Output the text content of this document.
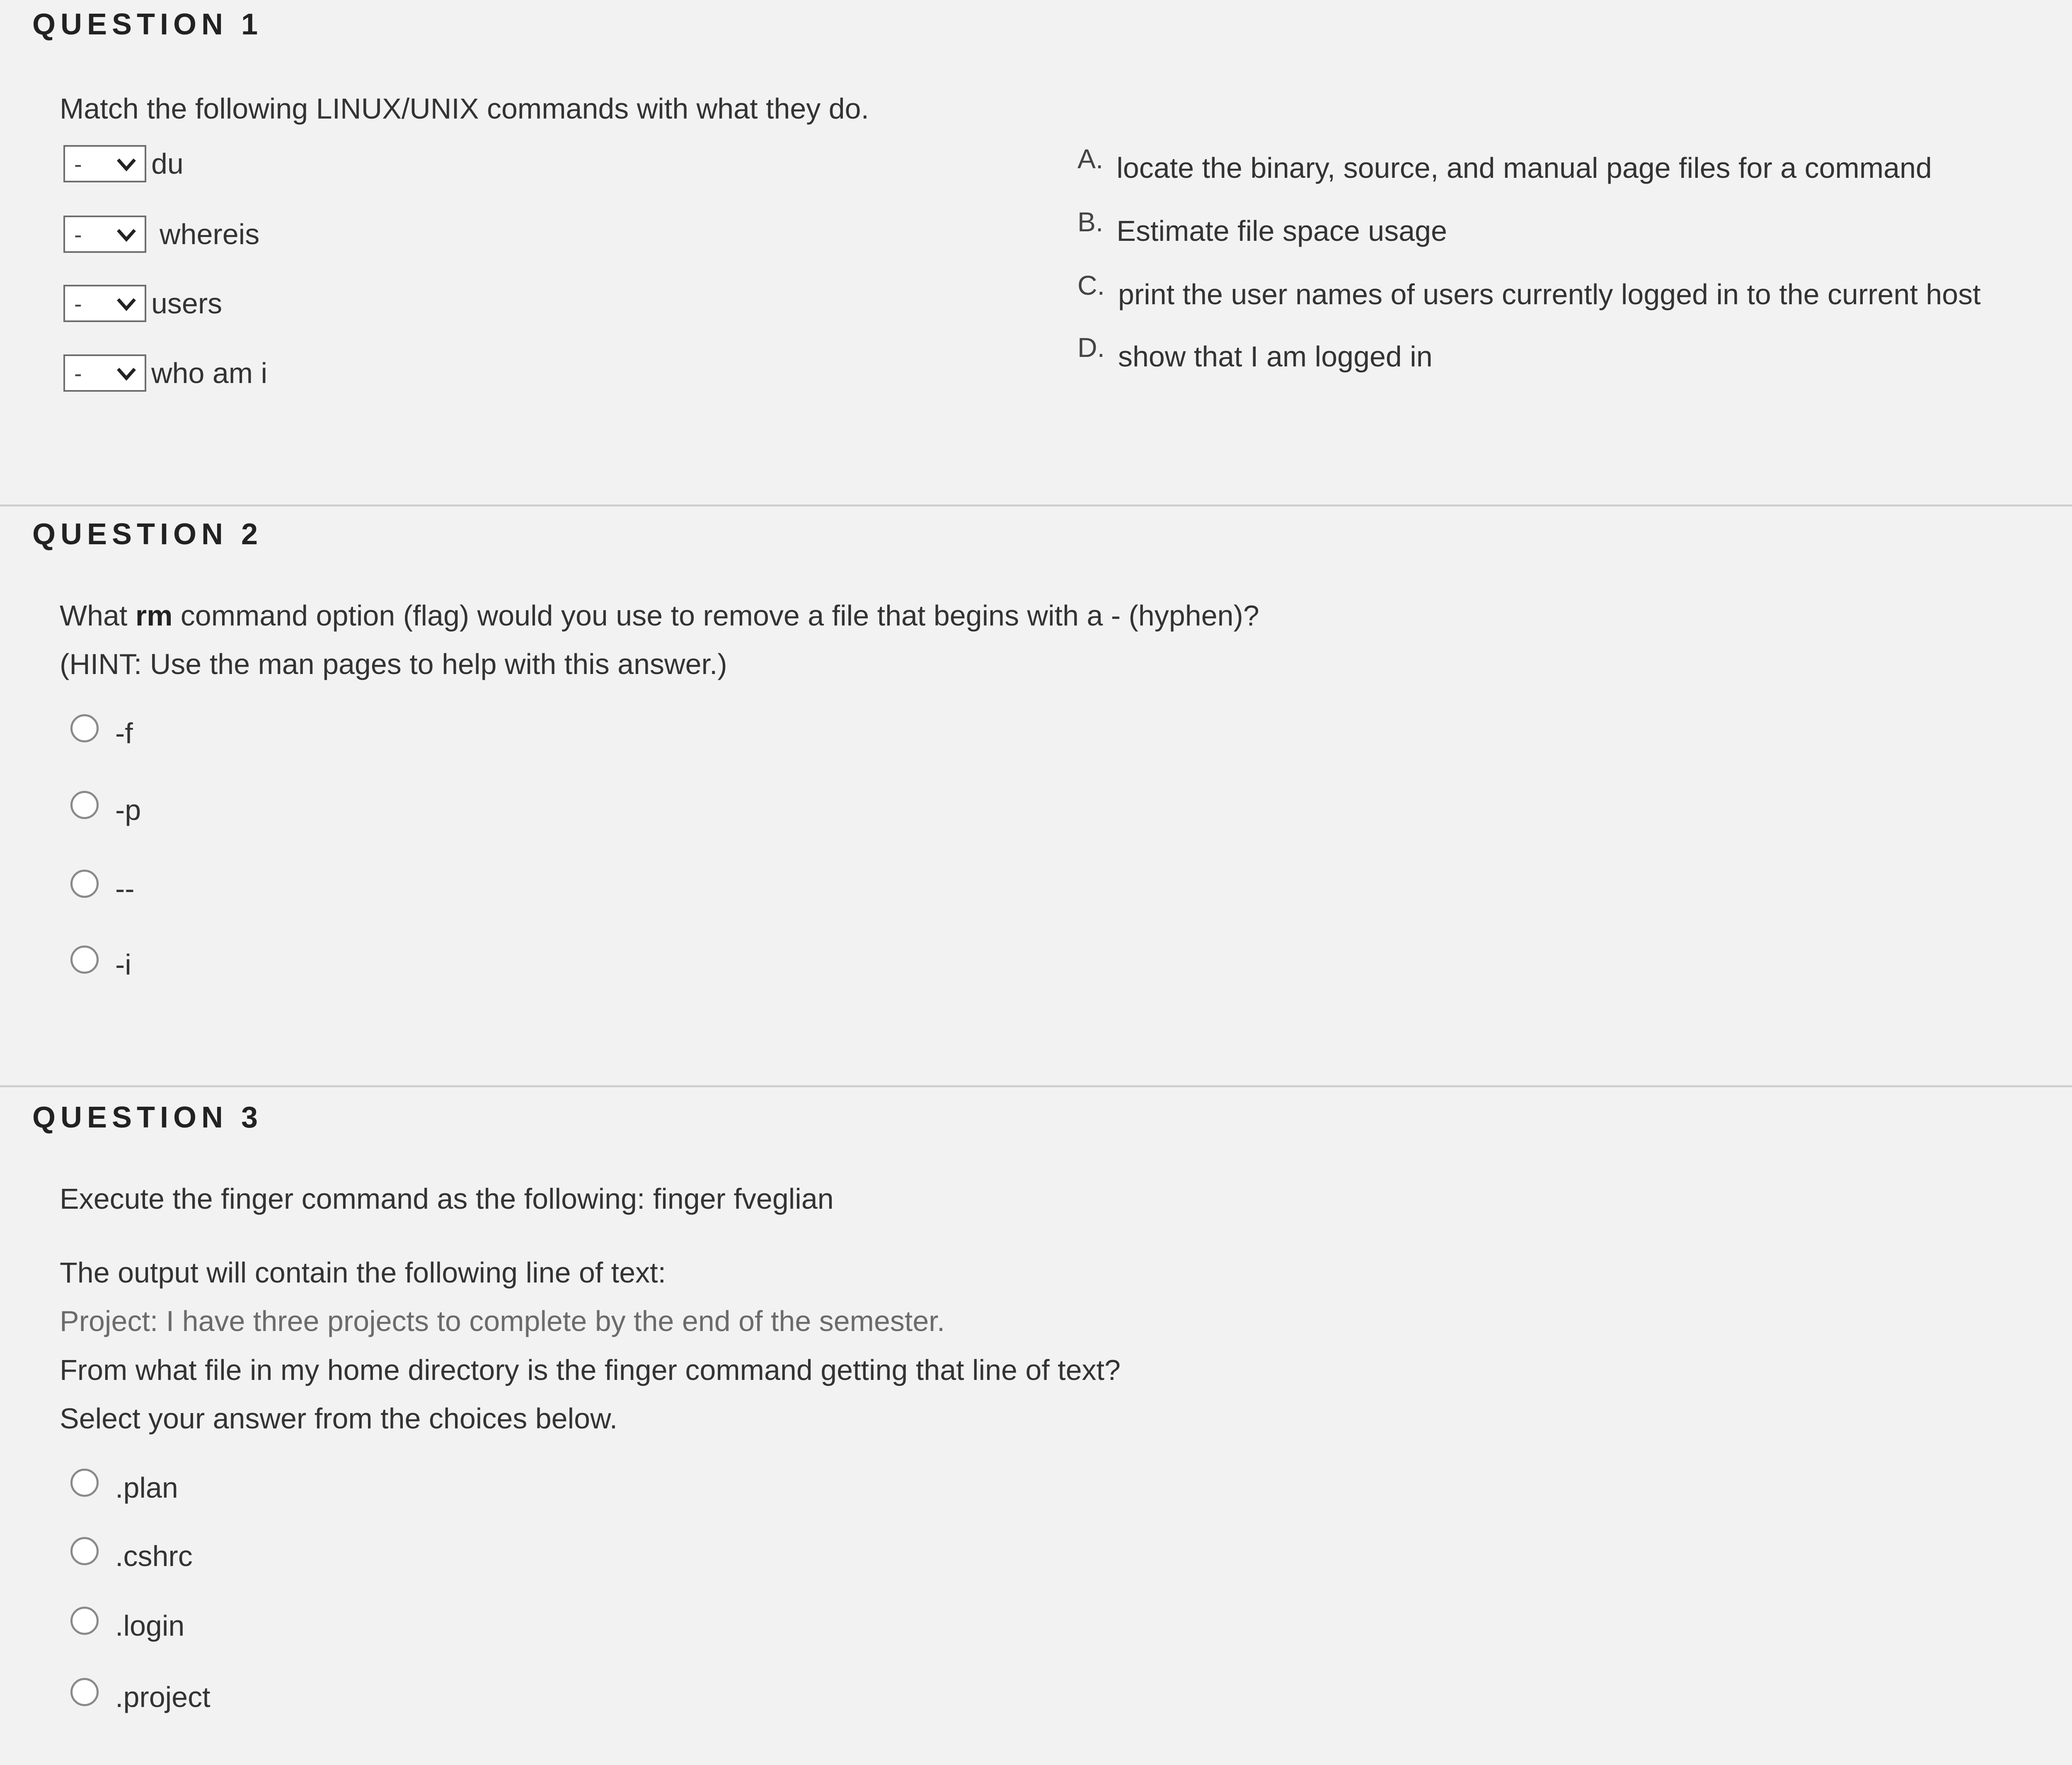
QUESTION 1
Match the following LINUX/UNIX commands with what they do.
- du
-	whereis
- users
- who am i
A. locate the binary, source, and manual page files for a command
B. Estimate file space usage
C. print the user names of users currently logged in to the current host
D. show that I am logged in
QUESTION 2
What rm command option (flag) would you use to remove a file that begins with a - (hyphen)?
(HINT: Use the man pages to help with this answer.)
-f
-p
--
-i
QUESTION 3
Execute the finger command as the following: finger fveglian
The output will contain the following line of text:
Project: I have three projects to complete by the end of the semester.
From what file in my home directory is the finger command getting that line of text?
Select your answer from the choices below.
.plan
.cshrc
.login
.project
